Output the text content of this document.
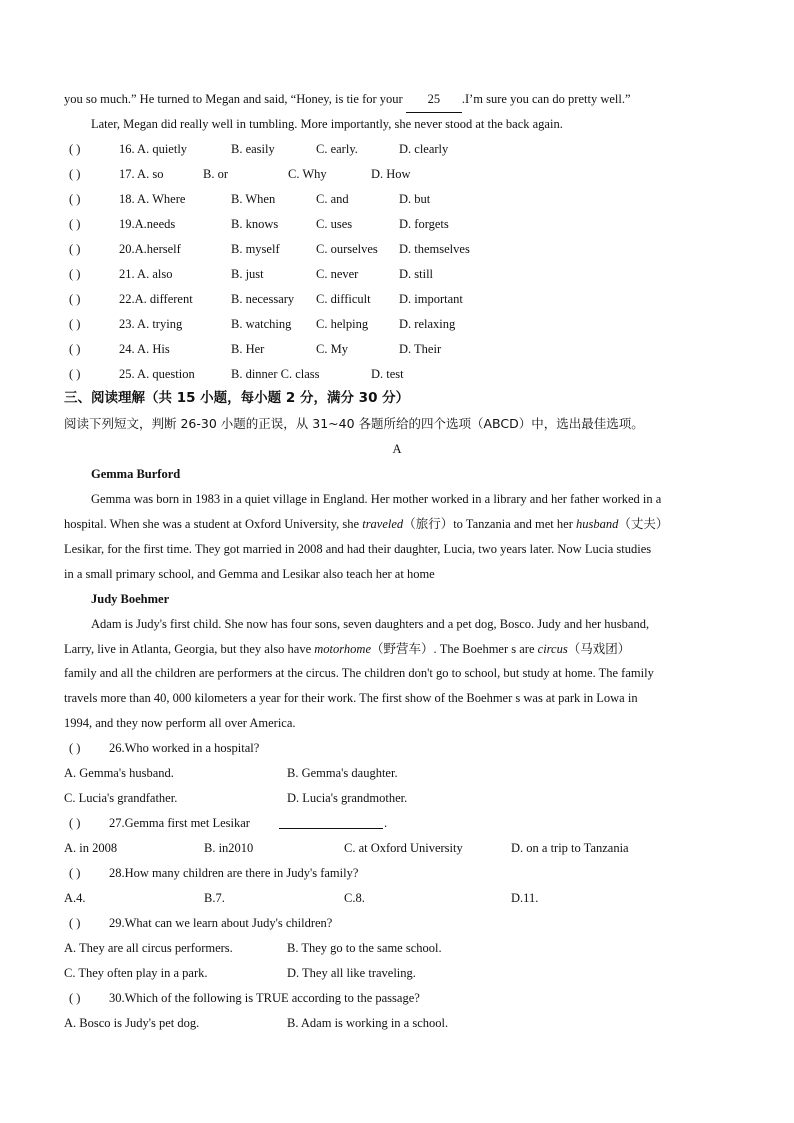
you so much.” He turned to Megan and said, “Honey, is tie for your 25 .I’m sure you can do pretty well.”
Later, Megan did really well in tumbling. More importantly, she never stood at the back again.
( )	16. A. quietly	B. easily	C. early.	D. clearly
( )	17. A. so	B. or	C. Why	D. How
( )	18. A. Where	B. When	C. and	D. but
( )	19.A.needs	B. knows	C. uses	D. forgets
( )	20.A.herself	B. myself	C. ourselves D. themselves
( )	21. A. also	B. just	C. never	D. still
( )	22.A. different	B. necessary C. difficult D. important
( )	23. A. trying	B. watching C. helping D. relaxing
( )	24. A. His	B. Her	C. My	D. Their
( )	25. A. question	B. dinner C. class	D. test
三、阅读理解（共 15 小题，每小题 2 分，满分 30 分）
阅读下列短文，判断 26-30 小题的正误，从 31~40 各题所给的四个选项（ABCD）中，选出最佳选项。
A
Gemma Burford
Gemma was born in 1983 in a quiet village in England. Her mother worked in a library and her father worked in a
hospital. When she was a student at Oxford University, she traveled（旅行）to Tanzania and met her husband（丈夫）
Lesikar, for the first time. They got married in 2008 and had their daughter, Lucia, two years later. Now Lucia studies
in a small primary school, and Gemma and Lesikar also teach her at home
Judy Boehmer
Adam is Judy's first child. She now has four sons, seven daughters and a pet dog, Bosco. Judy and her husband,
Larry, live in Atlanta, Georgia, but they also have motorhome（野营车）. The Boehmer s are circus（马戏团）
family and all the children are performers at the circus. The children don't go to school, but study at home. The family
travels more than 40, 000 kilometers a year for their work. The first show of the Boehmer s was at park in Lowa in
1994, and they now perform all over America.
( ) 26.Who worked in a hospital?
A. Gemma's husband.	B. Gemma's daughter.
C. Lucia's grandfather.	D. Lucia's grandmother.
( ) 27.Gemma first met Lesikar	.
A. in 2008	B. in2010	C. at Oxford University	D. on a trip to Tanzania
( ) 28.How many children are there in Judy's family?
A.4.	B.7.	C.8.	D.11.
( ) 29.What can we learn about Judy's children?
A. They are all circus performers.	B. They go to the same school.
C. They often play in a park.	D. They all like traveling.
( ) 30.Which of the following is TRUE according to the passage?
A. Bosco is Judy's pet dog.	B. Adam is working in a school.
